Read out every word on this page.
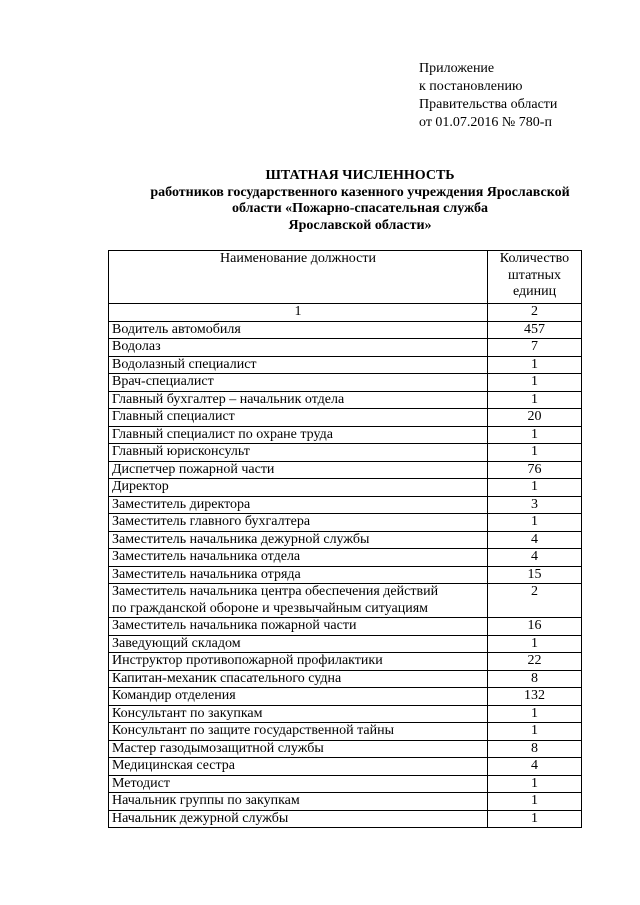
Приложение
к постановлению
Правительства области
от 01.07.2016 № 780-п
ШТАТНАЯ ЧИСЛЕННОСТЬ
работников государственного казенного учреждения Ярославской
области «Пожарно-спасательная служба
Ярославской области»
Наименование должности	Количество
штатных
единиц

1	2

Водитель автомобиля	457

Водолаз	7

Водолазный специалист	1

Врач-специалист	1

Главный бухгалтер – начальник отдела	1

Главный специалист	20

Главный специалист по охране труда	1

Главный юрисконсульт	1

Диспетчер пожарной части	76

Директор	1

Заместитель директора	3

Заместитель главного бухгалтера	1

Заместитель начальника дежурной службы	4

Заместитель начальника отдела	4

Заместитель начальника отряда	15

Заместитель начальника центра обеспечения действий
по гражданской обороне и чрезвычайным ситуациям	2

Заместитель начальника пожарной части	16

Заведующий складом	1

Инструктор противопожарной профилактики	22

Капитан-механик спасательного судна	8

Командир отделения	132

Консультант по закупкам	1

Консультант по защите государственной тайны	1

Мастер газодымозащитной службы	8

Медицинская сестра	4

Методист	1

Начальник группы по закупкам	1

Начальник дежурной службы	1
